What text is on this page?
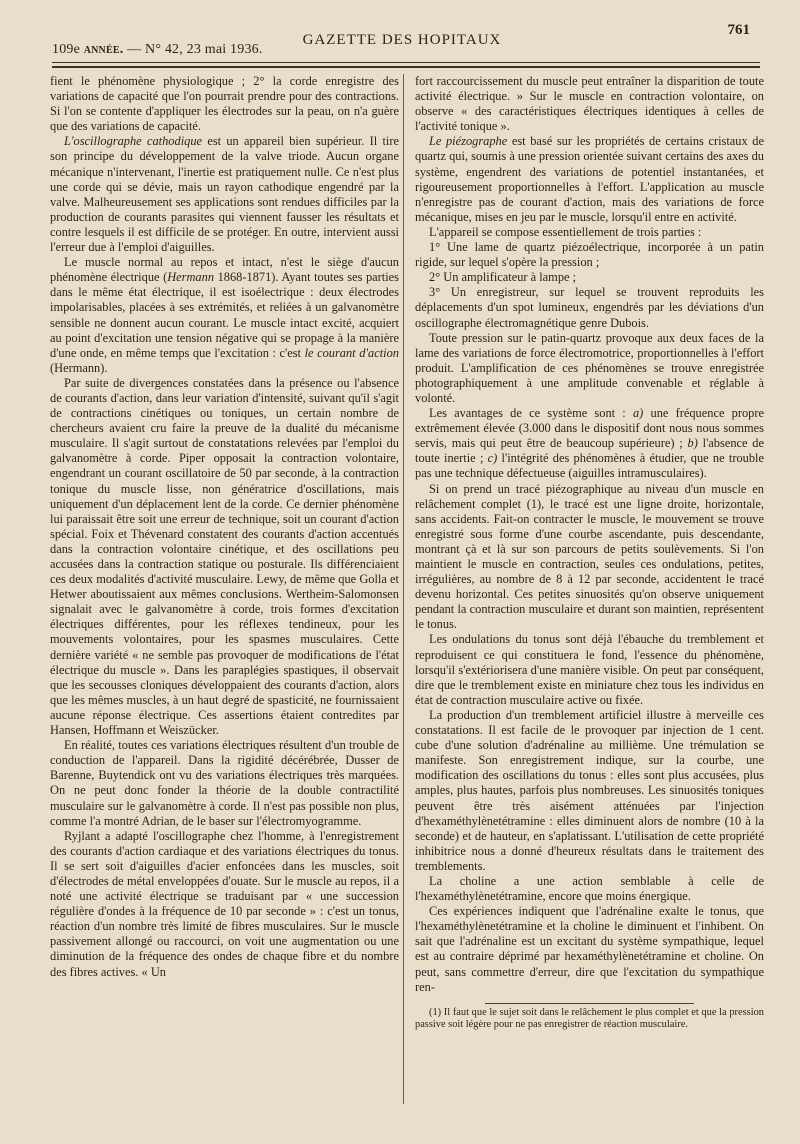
109e année. — N° 42, 23 mai 1936.
GAZETTE DES HOPITAUX
761

fient le phénomène physiologique ; 2° la corde enregistre des variations de capacité que l'on pourrait prendre pour des contractions. Si l'on se contente d'appliquer les électrodes sur la peau, on n'a guère que des variations de capacité.

L'oscillographe cathodique est un appareil bien supérieur. Il tire son principe du développement de la valve triode. Aucun organe mécanique n'intervenant, l'inertie est pratiquement nulle. Ce n'est plus une corde qui se dévie, mais un rayon cathodique engendré par la valve. Malheureusement ses applications sont rendues difficiles par la production de courants parasites qui viennent fausser les résultats et contre lesquels il est difficile de se protéger. En outre, intervient aussi l'erreur due à l'emploi d'aiguilles.

Le muscle normal au repos et intact, n'est le siège d'aucun phénomène électrique (Hermann 1868-1871). Ayant toutes ses parties dans le même état électrique, il est isoélectrique : deux électrodes impolarisables, placées à ses extrémités, et reliées à un galvanomètre sensible ne donnent aucun courant. Le muscle intact excité, acquiert au point d'excitation une tension négative qui se propage à la manière d'une onde, en même temps que l'excitation : c'est le courant d'action (Hermann).

Par suite de divergences constatées dans la présence ou l'absence de courants d'action, dans leur variation d'intensité, suivant qu'il s'agit de contractions cinétiques ou toniques, un certain nombre de chercheurs avaient cru faire la preuve de la dualité du mécanisme musculaire. Il s'agit surtout de constatations relevées par l'emploi du galvanomètre à corde. Piper opposait la contraction volontaire, engendrant un courant oscillatoire de 50 par seconde, à la contraction tonique du muscle lisse, non génératrice d'oscillations, mais uniquement d'un déplacement lent de la corde. Ce dernier phénomène lui paraissait être soit une erreur de technique, soit un courant d'action spécial. Foix et Thévenard constatent des courants d'action accentués dans la contraction volontaire cinétique, et des oscillations peu accusées dans la contraction statique ou posturale. Ils différenciaient ces deux modalités d'activité musculaire. Lewy, de même que Golla et Hetwer aboutissaient aux mêmes conclusions. Wertheim-Salomonsen signalait avec le galvanomètre à corde, trois formes d'excitation électriques différentes, pour les réflexes tendineux, pour les mouvements volontaires, pour les spasmes musculaires. Cette dernière variété « ne semble pas provoquer de modifications de l'état électrique du muscle ». Dans les paraplégies spastiques, il observait que les secousses cloniques développaient des courants d'action, alors que les mêmes muscles, à un haut degré de spasticité, ne fournissaient aucune réponse électrique. Ces assertions étaient contredites par Hansen, Hoffmann et Weiszücker.

En réalité, toutes ces variations électriques résultent d'un trouble de conduction de l'appareil. Dans la rigidité décérébrée, Dusser de Barenne, Buytendick ont vu des variations électriques très marquées. On ne peut donc fonder la théorie de la double contractilité musculaire sur le galvanomètre à corde. Il n'est pas possible non plus, comme l'a montré Adrian, de le baser sur l'électromyogramme.

Ryjlant a adapté l'oscillographe chez l'homme, à l'enregistrement des courants d'action cardiaque et des variations électriques du tonus. Il se sert soit d'aiguilles d'acier enfoncées dans les muscles, soit d'électrodes de métal enveloppées d'ouate. Sur le muscle au repos, il a noté une activité électrique se traduisant par « une succession régulière d'ondes à la fréquence de 10 par seconde » : c'est un tonus, réaction d'un nombre très limité de fibres musculaires. Sur le muscle passivement allongé ou raccourci, on voit une augmentation ou une diminution de la fréquence des ondes de chaque fibre et du nombre des fibres actives. « Un

fort raccourcissement du muscle peut entraîner la disparition de toute activité électrique. » Sur le muscle en contraction volontaire, on observe « des caractéristiques électriques identiques à celles de l'activité tonique ».

Le piézographe est basé sur les propriétés de certains cristaux de quartz qui, soumis à une pression orientée suivant certains des axes du système, engendrent des variations de potentiel instantanées, et rigoureusement proportionnelles à l'effort. L'application au muscle n'enregistre pas de courant d'action, mais des variations de force mécanique, mises en jeu par le muscle, lorsqu'il entre en activité.

L'appareil se compose essentiellement de trois parties :

1° Une lame de quartz piézoélectrique, incorporée à un patin rigide, sur lequel s'opère la pression ;

2° Un amplificateur à lampe ;

3° Un enregistreur, sur lequel se trouvent reproduits les déplacements d'un spot lumineux, engendrés par les déviations d'un oscillographe électromagnétique genre Dubois.

Toute pression sur le patin-quartz provoque aux deux faces de la lame des variations de force électromotrice, proportionnelles à l'effort produit. L'amplification de ces phénomènes se trouve enregistrée photographiquement à une amplitude convenable et réglable à volonté.

Les avantages de ce système sont : a) une fréquence propre extrêmement élevée (3.000 dans le dispositif dont nous nous sommes servis, mais qui peut être de beaucoup supérieure) ; b) l'absence de toute inertie ; c) l'intégrité des phénomènes à étudier, que ne trouble pas une technique défectueuse (aiguilles intramusculaires).

Si on prend un tracé piézographique au niveau d'un muscle en relâchement complet (1), le tracé est une ligne droite, horizontale, sans accidents. Fait-on contracter le muscle, le mouvement se trouve enregistré sous forme d'une courbe ascendante, puis descendante, montrant çà et là sur son parcours de petits soulèvements. Si l'on maintient le muscle en contraction, seules ces ondulations, petites, irrégulières, au nombre de 8 à 12 par seconde, accidentent le tracé devenu horizontal. Ces petites sinuosités qu'on observe uniquement pendant la contraction musculaire et durant son maintien, représentent le tonus.

Les ondulations du tonus sont déjà l'ébauche du tremblement et reproduisent ce qui constituera le fond, l'essence du phénomène, lorsqu'il s'extériorisera d'une manière visible. On peut par conséquent, dire que le tremblement existe en miniature chez tous les individus en état de contraction musculaire active ou fixée.

La production d'un tremblement artificiel illustre à merveille ces constatations. Il est facile de le provoquer par injection de 1 cent. cube d'une solution d'adrénaline au millième. Une trémulation se manifeste. Son enregistrement indique, sur la courbe, une modification des oscillations du tonus : elles sont plus accusées, plus amples, plus hautes, parfois plus nombreuses. Les sinuosités toniques peuvent être très aisément atténuées par l'injection d'hexaméthylènetétramine : elles diminuent alors de nombre (10 à la seconde) et de hauteur, en s'aplatissant. L'utilisation de cette propriété inhibitrice nous a donné d'heureux résultats dans le traitement des tremblements.

La choline a une action semblable à celle de l'hexaméthylènetétramine, encore que moins énergique.

Ces expériences indiquent que l'adrénaline exalte le tonus, que l'hexaméthylènetétramine et la choline le diminuent et l'inhibent. On sait que l'adrénaline est un excitant du système sympathique, lequel est au contraire déprimé par hexaméthylènetétramine et choline. On peut, sans commettre d'erreur, dire que l'excitation du sympathique ren-

(1) Il faut que le sujet soit dans le relâchement le plus complet et que la pression passive soit légère pour ne pas enregistrer de réaction musculaire.
